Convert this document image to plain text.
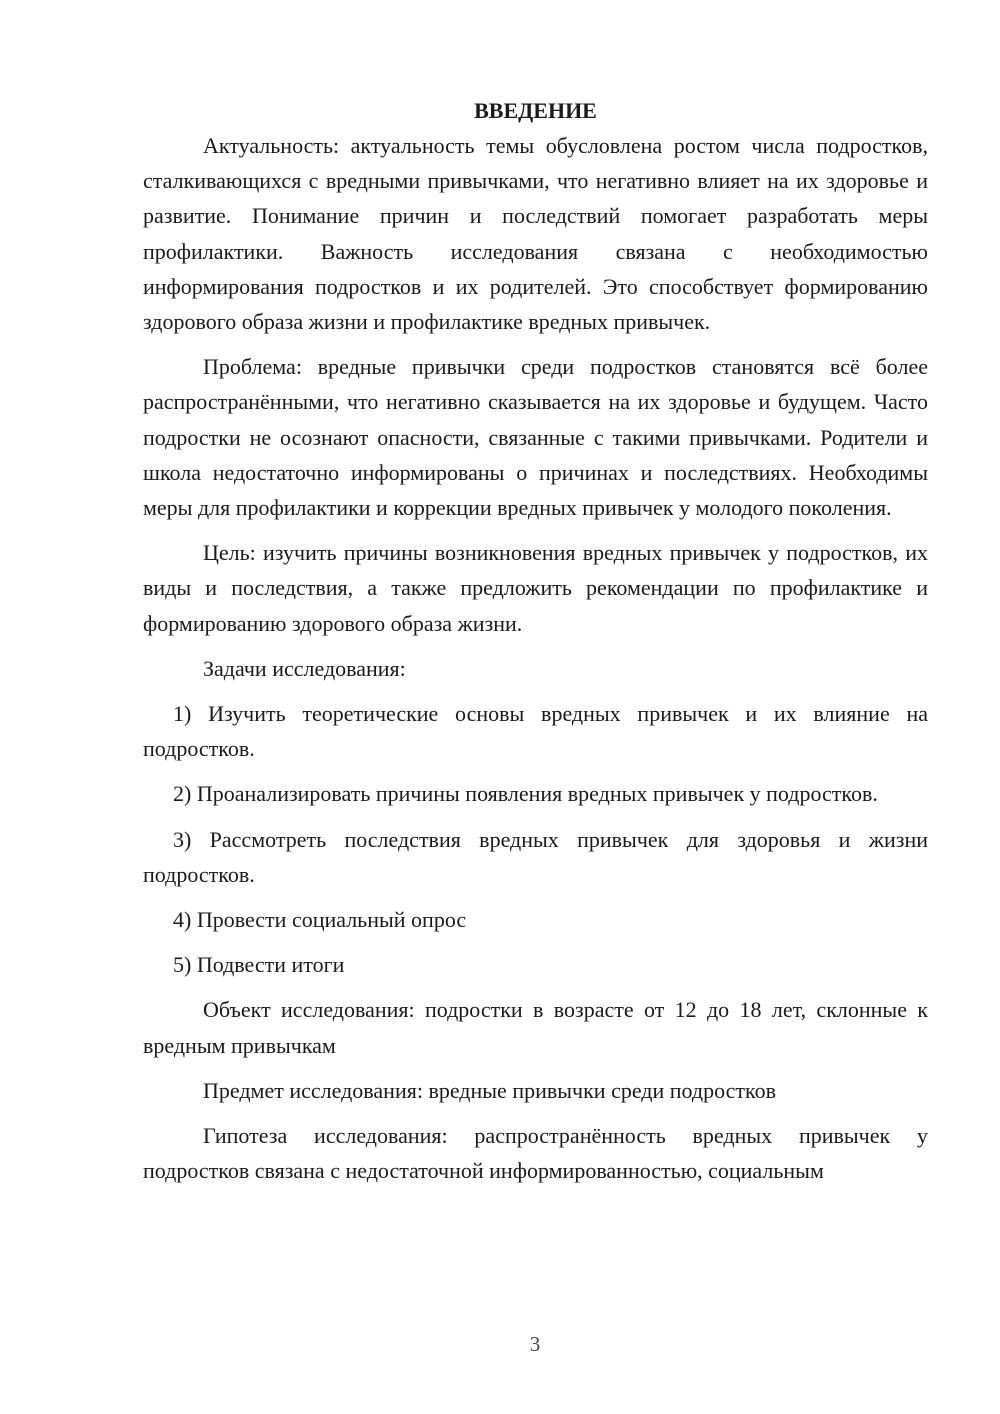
ВВЕДЕНИЕ

Актуальность: актуальность темы обусловлена ростом числа подростков, сталкивающихся с вредными привычками, что негативно влияет на их здоровье и развитие. Понимание причин и последствий помогает разработать меры профилактики. Важность исследования связана с необходимостью информирования подростков и их родителей. Это способствует формированию здорового образа жизни и профилактике вредных привычек.

Проблема: вредные привычки среди подростков становятся всё более распространёнными, что негативно сказывается на их здоровье и будущем. Часто подростки не осознают опасности, связанные с такими привычками. Родители и школа недостаточно информированы о причинах и последствиях. Необходимы меры для профилактики и коррекции вредных привычек у молодого поколения.

Цель: изучить причины возникновения вредных привычек у подростков, их виды и последствия, а также предложить рекомендации по профилактике и формированию здорового образа жизни.

Задачи исследования:

1) Изучить теоретические основы вредных привычек и их влияние на подростков.

2) Проанализировать причины появления вредных привычек у подростков.

3) Рассмотреть последствия вредных привычек для здоровья и жизни подростков.

4) Провести социальный опрос

5) Подвести итоги

Объект исследования: подростки в возрасте от 12 до 18 лет, склонные к вредным привычкам

Предмет исследования: вредные привычки среди подростков

Гипотеза исследования: распространённость вредных привычек у подростков связана с недостаточной информированностью, социальным

3
